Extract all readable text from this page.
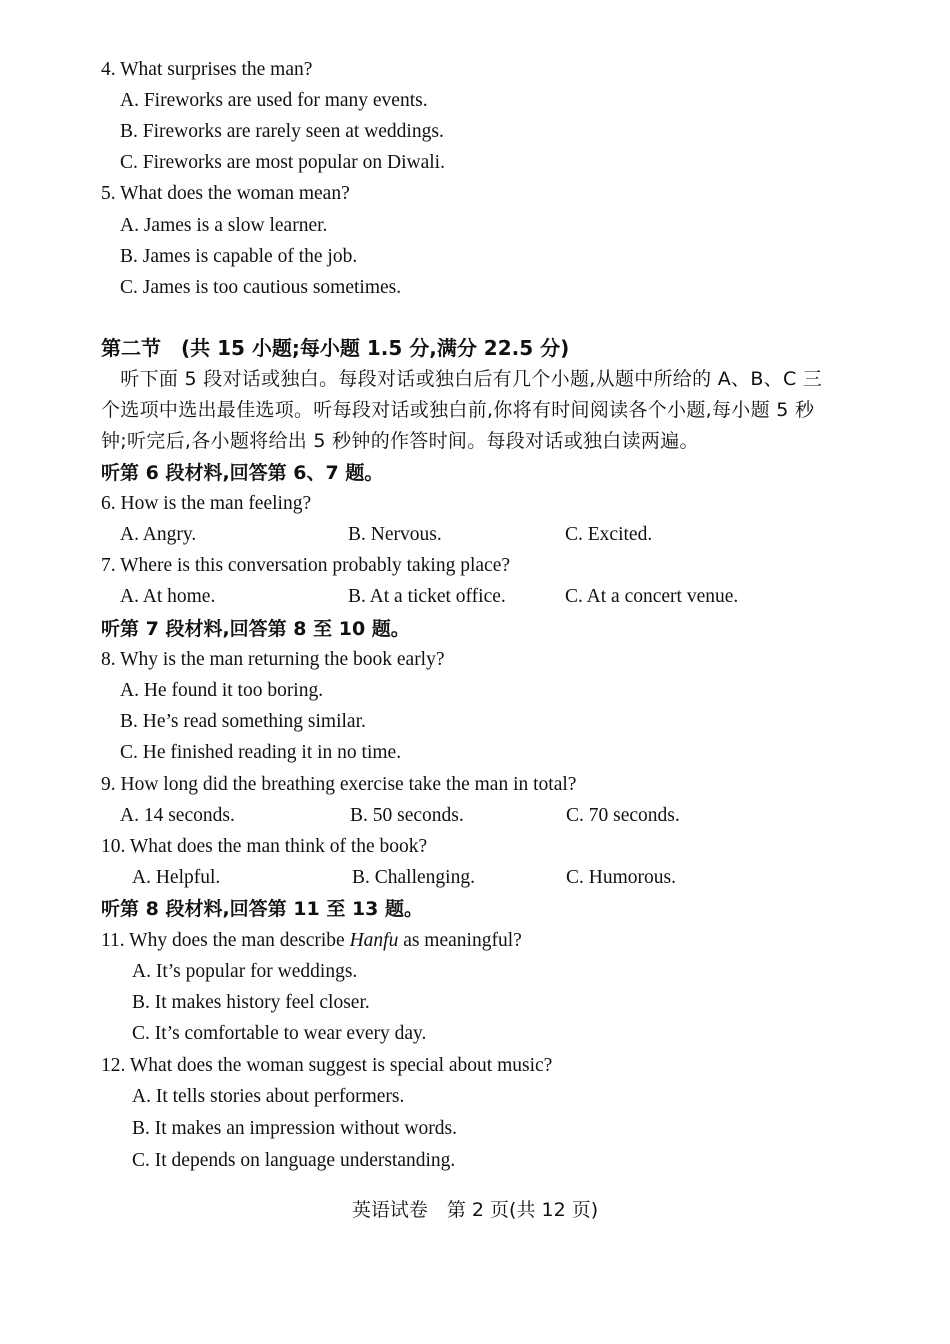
4. What surprises the man?
A. Fireworks are used for many events.
B. Fireworks are rarely seen at weddings.
C. Fireworks are most popular on Diwali.
5. What does the woman mean?
A. James is a slow learner.
B. James is capable of the job.
C. James is too cautious sometimes.
第二节　(共 15 小题;每小题 1.5 分,满分 22.5 分)
　听下面 5 段对话或独白。每段对话或独白后有几个小题,从题中所给的 A、B、C 三
个选项中选出最佳选项。听每段对话或独白前,你将有时间阅读各个小题,每小题 5 秒
钟;听完后,各小题将给出 5 秒钟的作答时间。每段对话或独白读两遍。
听第 6 段材料,回答第 6、7 题。
6. How is the man feeling?
A. Angry.	B. Nervous.	C. Excited.
7. Where is this conversation probably taking place?
A. At home.	B. At a ticket office.	C. At a concert venue.
听第 7 段材料,回答第 8 至 10 题。
8. Why is the man returning the book early?
A. He found it too boring.
B. He’s read something similar.
C. He finished reading it in no time.
9. How long did the breathing exercise take the man in total?
A. 14 seconds.	B. 50 seconds.	C. 70 seconds.
10. What does the man think of the book?
A. Helpful.	B. Challenging.	C. Humorous.
听第 8 段材料,回答第 11 至 13 题。
11. Why does the man describe Hanfu as meaningful?
A. It’s popular for weddings.
B. It makes history feel closer.
C. It’s comfortable to wear every day.
12. What does the woman suggest is special about music?
A. It tells stories about performers.
B. It makes an impression without words.
C. It depends on language understanding.
英语试卷　第 2 页(共 12 页)
